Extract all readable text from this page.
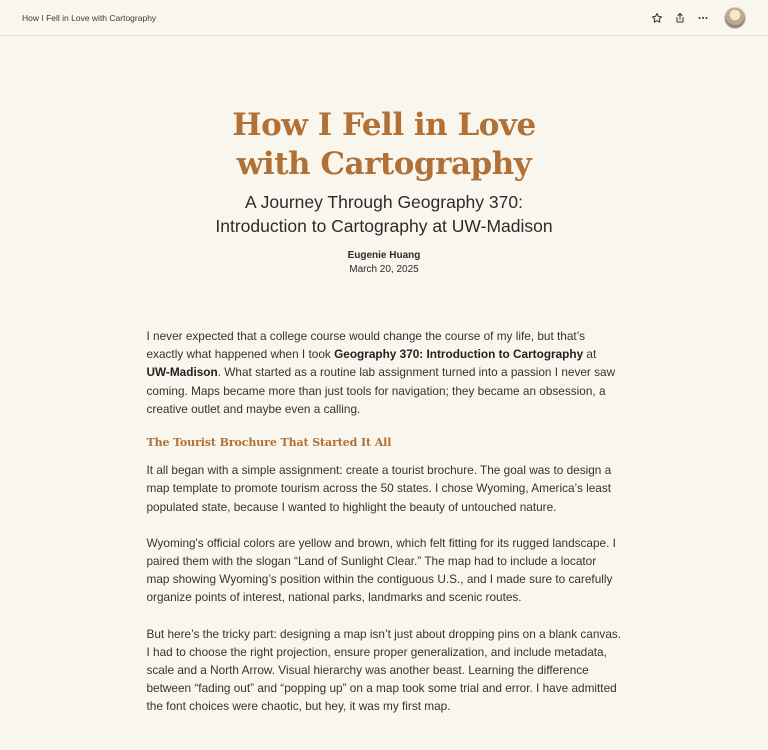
How I Fell in Love with Cartography
How I Fell in Love
with Cartography
A Journey Through Geography 370:
Introduction to Cartography at UW-Madison
Eugenie Huang
March 20, 2025

I never expected that a college course would change the course of my life, but that’s exactly what happened when I took Geography 370: Introduction to Cartography at UW-Madison. What started as a routine lab assignment turned into a passion I never saw coming. Maps became more than just tools for navigation; they became an obsession, a creative outlet and maybe even a calling.

The Tourist Brochure That Started It All

It all began with a simple assignment: create a tourist brochure. The goal was to design a map template to promote tourism across the 50 states. I chose Wyoming, America’s least populated state, because I wanted to highlight the beauty of untouched nature.

Wyoming's official colors are yellow and brown, which felt fitting for its rugged landscape. I paired them with the slogan “Land of Sunlight Clear.” The map had to include a locator map showing Wyoming’s position within the contiguous U.S., and I made sure to carefully organize points of interest, national parks, landmarks and scenic routes.

But here’s the tricky part: designing a map isn’t just about dropping pins on a blank canvas. I had to choose the right projection, ensure proper generalization, and include metadata, scale and a North Arrow. Visual hierarchy was another beast. Learning the difference between “fading out” and “popping up” on a map took some trial and error. I have admitted the font choices were chaotic, but hey, it was my first map.
